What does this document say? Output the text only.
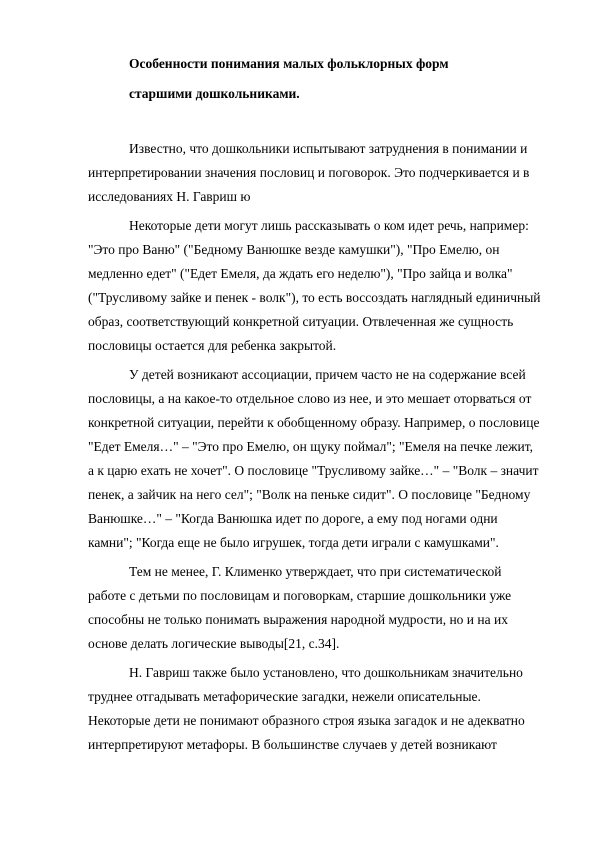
Особенности понимания малых фольклорных форм
старшими дошкольниками.
Известно, что дошкольники испытывают затруднения в понимании и
интерпретировании значения пословиц и поговорок. Это подчеркивается и в
исследованиях Н. Гавриш ю
Некоторые дети могут лишь рассказывать о ком идет речь, например:
"Это про Ваню" ("Бедному Ванюшке везде камушки"), "Про Емелю, он
медленно едет" ("Едет Емеля, да ждать его неделю"), "Про зайца и волка"
("Трусливому зайке и пенек - волк"), то есть воссоздать наглядный единичный
образ, соответствующий конкретной ситуации. Отвлеченная же сущность
пословицы остается для ребенка закрытой.
У детей возникают ассоциации, причем часто не на содержание всей
пословицы, а на какое-то отдельное слово из нее, и это мешает оторваться от
конкретной ситуации, перейти к обобщенному образу. Например, о пословице
"Едет Емеля…" – "Это про Емелю, он щуку поймал"; "Емеля на печке лежит,
а к царю ехать не хочет". О пословице "Трусливому зайке…" – "Волк – значит
пенек, а зайчик на него сел"; "Волк на пеньке сидит". О пословице "Бедному
Ванюшке…" – "Когда Ванюшка идет по дороге, а ему под ногами одни
камни"; "Когда еще не было игрушек, тогда дети играли с камушками".
Тем не менее, Г. Клименко утверждает, что при систематической
работе с детьми по пословицам и поговоркам, старшие дошкольники уже
способны не только понимать выражения народной мудрости, но и на их
основе делать логические выводы[21, с.34].
Н. Гавриш также было установлено, что дошкольникам значительно
труднее отгадывать метафорические загадки, нежели описательные.
Некоторые дети не понимают образного строя языка загадок и не адекватно
интерпретируют метафоры. В большинстве случаев у детей возникают
